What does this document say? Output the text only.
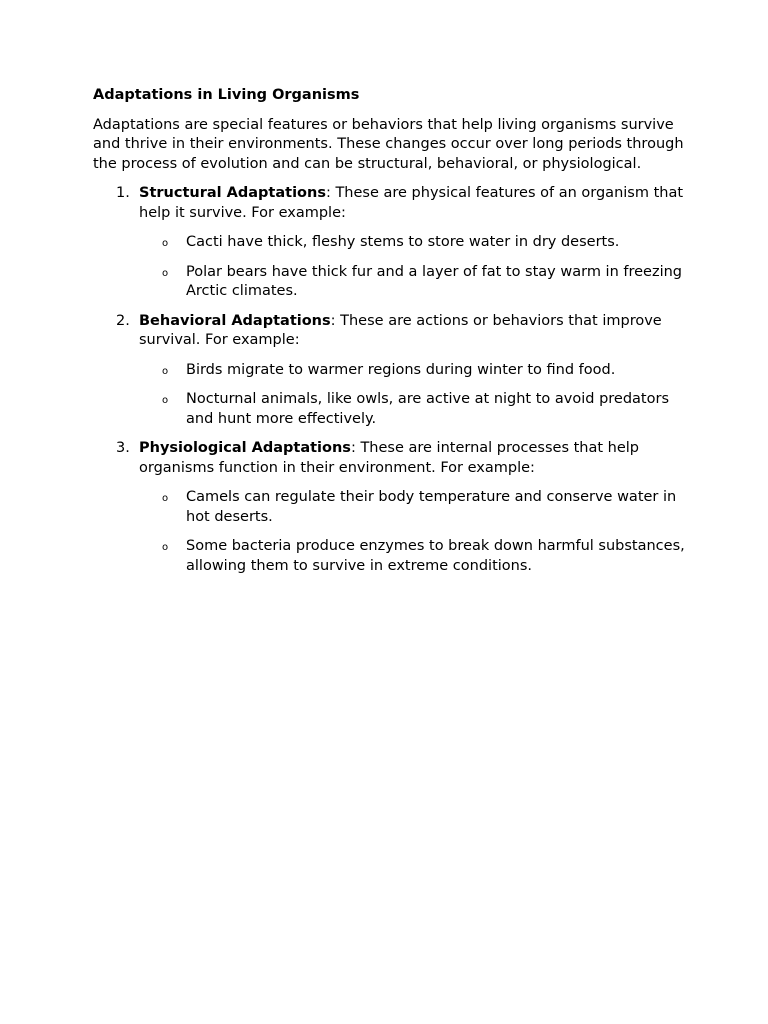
Adaptations in Living Organisms
Adaptations are special features or behaviors that help living organisms survive and thrive in their environments. These changes occur over long periods through the process of evolution and can be structural, behavioral, or physiological.
1. Structural Adaptations: These are physical features of an organism that help it survive. For example:
o Cacti have thick, fleshy stems to store water in dry deserts.
o Polar bears have thick fur and a layer of fat to stay warm in freezing Arctic climates.
2. Behavioral Adaptations: These are actions or behaviors that improve survival. For example:
o Birds migrate to warmer regions during winter to find food.
o Nocturnal animals, like owls, are active at night to avoid predators and hunt more effectively.
3. Physiological Adaptations: These are internal processes that help organisms function in their environment. For example:
o Camels can regulate their body temperature and conserve water in hot deserts.
o Some bacteria produce enzymes to break down harmful substances, allowing them to survive in extreme conditions.
